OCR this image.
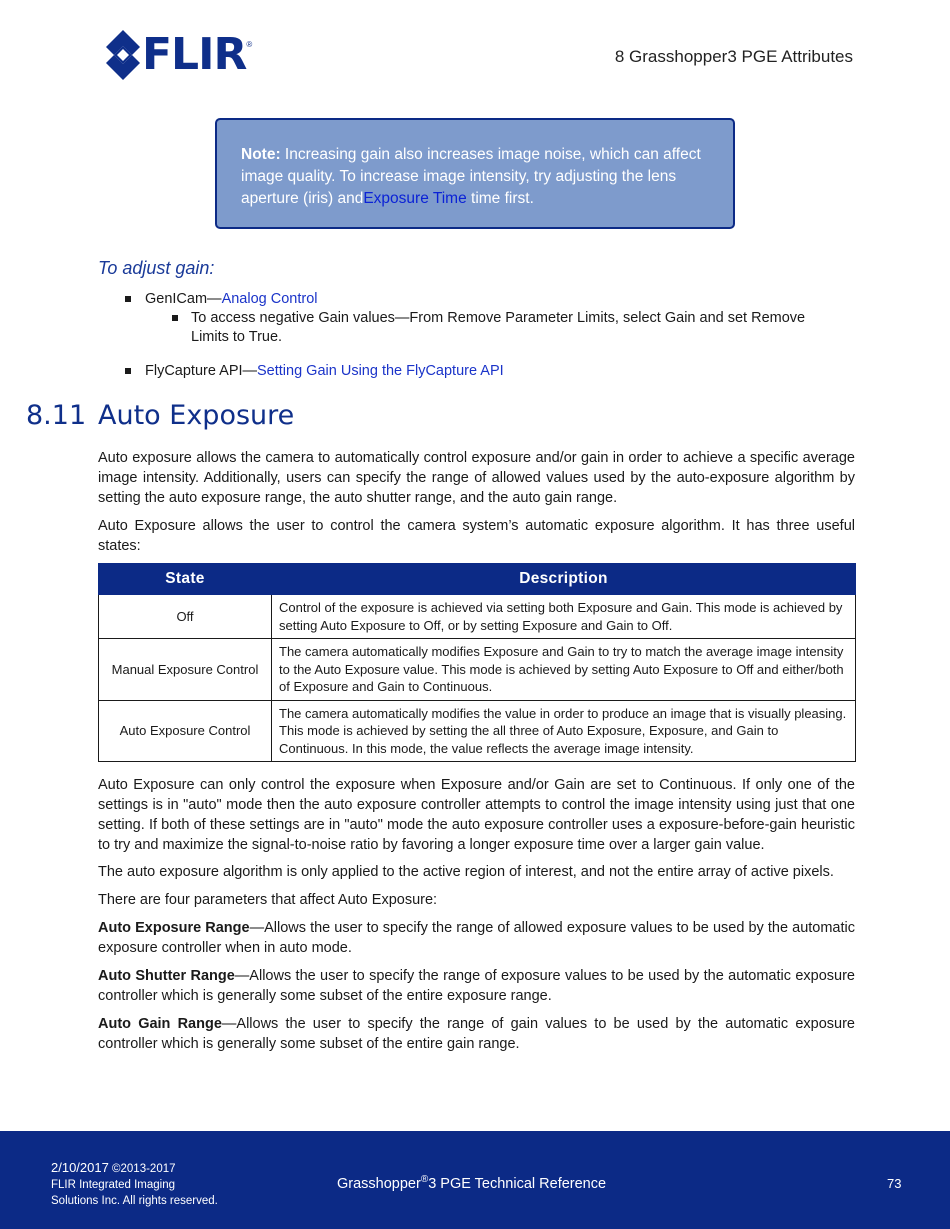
FLIR ®
8 Grasshopper3 PGE Attributes
Note: Increasing gain also increases image noise, which can affect image quality. To increase image intensity, try adjusting the lens aperture (iris) andExposure Time time first.
To adjust gain:
GenICam—Analog Control
To access negative Gain values—From Remove Parameter Limits, select Gain and set Remove Limits to True.
FlyCapture API—Setting Gain Using the FlyCapture API
8.11 Auto Exposure
Auto exposure allows the camera to automatically control exposure and/or gain in order to achieve a specific average image intensity. Additionally, users can specify the range of allowed values used by the auto-exposure algorithm by setting the auto exposure range, the auto shutter range, and the auto gain range.
Auto Exposure allows the user to control the camera system’s automatic exposure algorithm. It has three useful states:
State	Description
Off	Control of the exposure is achieved via setting both Exposure and Gain. This mode is achieved by setting Auto Exposure to Off, or by setting Exposure and Gain to Off.
Manual Exposure Control	The camera automatically modifies Exposure and Gain to try to match the average image intensity to the Auto Exposure value. This mode is achieved by setting Auto Exposure to Off and either/both of Exposure and Gain to Continuous.
Auto Exposure Control	The camera automatically modifies the value in order to produce an image that is visually pleasing. This mode is achieved by setting the all three of Auto Exposure, Exposure, and Gain to Continuous. In this mode, the value reflects the average image intensity.
Auto Exposure can only control the exposure when Exposure and/or Gain are set to Continuous. If only one of the settings is in "auto" mode then the auto exposure controller attempts to control the image intensity using just that one setting. If both of these settings are in "auto" mode the auto exposure controller uses a exposure-before-gain heuristic to try and maximize the signal-to-noise ratio by favoring a longer exposure time over a larger gain value.
The auto exposure algorithm is only applied to the active region of interest, and not the entire array of active pixels.
There are four parameters that affect Auto Exposure:
Auto Exposure Range—Allows the user to specify the range of allowed exposure values to be used by the automatic exposure controller when in auto mode.
Auto Shutter Range—Allows the user to specify the range of exposure values to be used by the automatic exposure controller which is generally some subset of the entire exposure range.
Auto Gain Range—Allows the user to specify the range of gain values to be used by the automatic exposure controller which is generally some subset of the entire gain range.
2/10/2017 ©2013-2017
FLIR Integrated Imaging
Solutions Inc. All rights reserved.
Grasshopper®3 PGE Technical Reference	73
